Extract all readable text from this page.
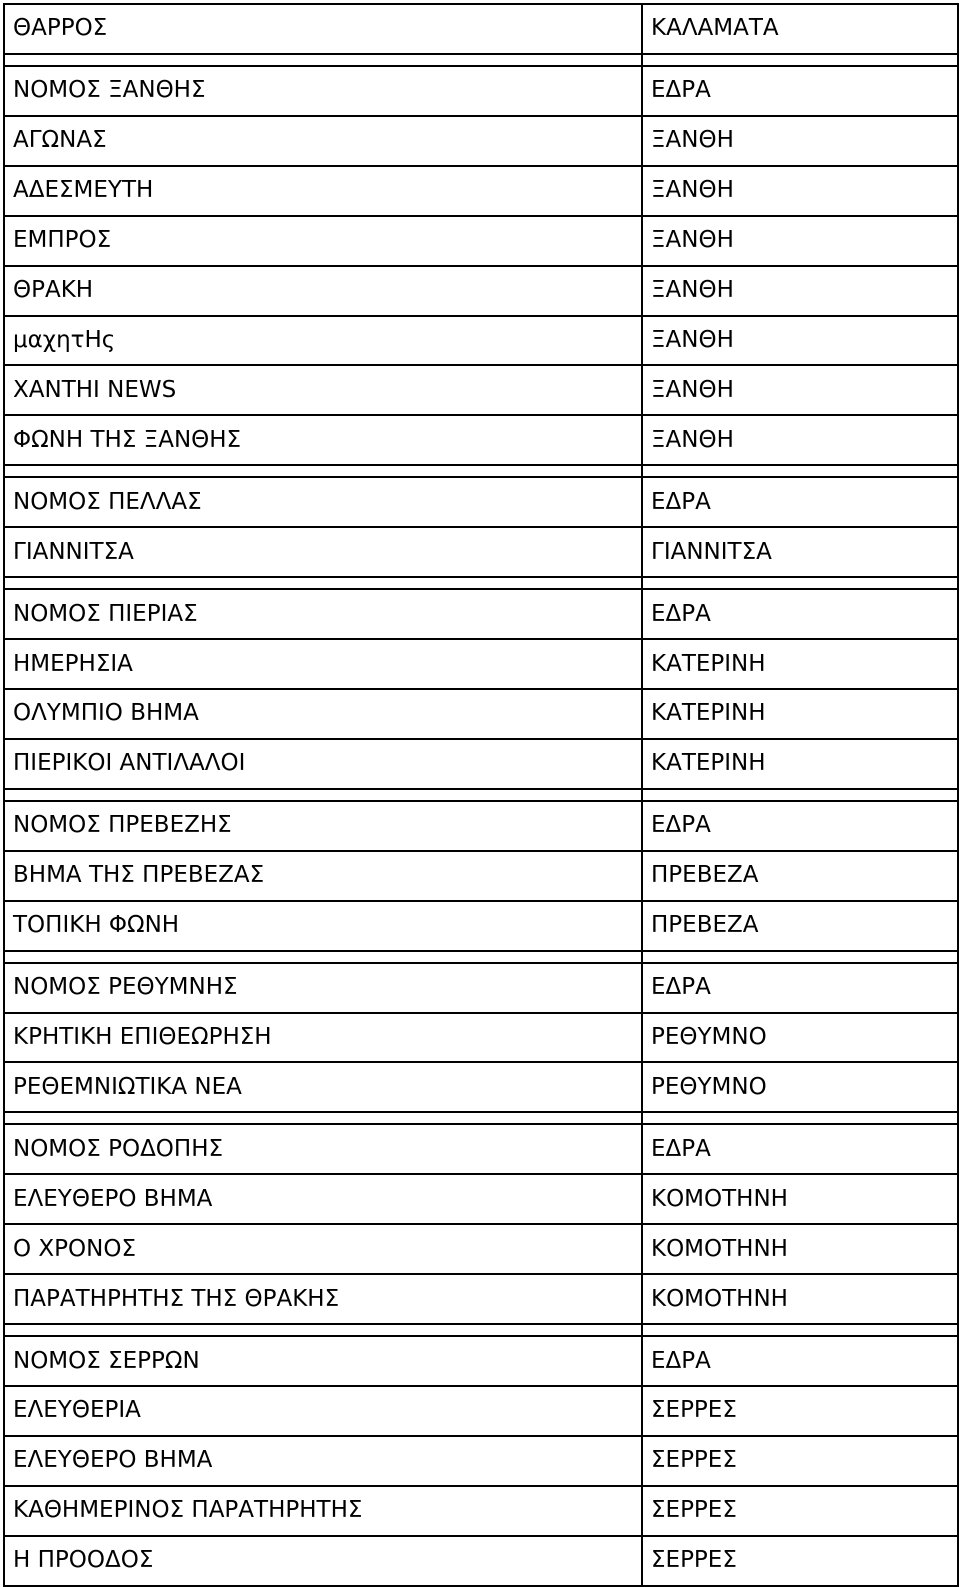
ΘΑΡΡΟΣ	ΚΑΛΑΜΑΤΑ

ΝΟΜΟΣ ΞΑΝΘΗΣ	ΕΔΡΑ
ΑΓΩΝΑΣ	ΞΑΝΘΗ
ΑΔΕΣΜΕΥΤΗ	ΞΑΝΘΗ
ΕΜΠΡΟΣ	ΞΑΝΘΗ
ΘΡΑΚΗ	ΞΑΝΘΗ
μαχητHς	ΞΑΝΘΗ
XANTHI NEWS	ΞΑΝΘΗ
ΦΩΝΗ ΤΗΣ ΞΑΝΘΗΣ	ΞΑΝΘΗ

ΝΟΜΟΣ ΠΕΛΛΑΣ	ΕΔΡΑ
ΓΙΑΝΝΙΤΣΑ	ΓΙΑΝΝΙΤΣΑ

ΝΟΜΟΣ ΠΙΕΡΙΑΣ	ΕΔΡΑ
ΗΜΕΡΗΣΙΑ	ΚΑΤΕΡΙΝΗ
ΟΛΥΜΠΙΟ ΒΗΜΑ	ΚΑΤΕΡΙΝΗ
ΠΙΕΡΙΚΟΙ ΑΝΤΙΛΑΛΟΙ	ΚΑΤΕΡΙΝΗ

ΝΟΜΟΣ ΠΡΕΒΕΖΗΣ	ΕΔΡΑ
ΒΗΜΑ ΤΗΣ ΠΡΕΒΕΖΑΣ	ΠΡΕΒΕΖΑ
ΤΟΠΙΚΗ ΦΩΝΗ	ΠΡΕΒΕΖΑ

ΝΟΜΟΣ ΡΕΘΥΜΝΗΣ	ΕΔΡΑ
ΚΡΗΤΙΚΗ ΕΠΙΘΕΩΡΗΣΗ	ΡΕΘΥΜΝΟ
ΡΕΘΕΜΝΙΩΤΙΚΑ ΝΕΑ	ΡΕΘΥΜΝΟ

ΝΟΜΟΣ ΡΟΔΟΠΗΣ	ΕΔΡΑ
ΕΛΕΥΘΕΡΟ ΒΗΜΑ	ΚΟΜΟΤΗΝΗ
Ο ΧΡΟΝΟΣ	ΚΟΜΟΤΗΝΗ
ΠΑΡΑΤΗΡΗΤΗΣ ΤΗΣ ΘΡΑΚΗΣ	ΚΟΜΟΤΗΝΗ

ΝΟΜΟΣ ΣΕΡΡΩΝ	ΕΔΡΑ
ΕΛΕΥΘΕΡΙΑ	ΣΕΡΡΕΣ
ΕΛΕΥΘΕΡΟ ΒΗΜΑ	ΣΕΡΡΕΣ
ΚΑΘΗΜΕΡΙΝΟΣ ΠΑΡΑΤΗΡΗΤΗΣ	ΣΕΡΡΕΣ
Η ΠΡΟΟΔΟΣ	ΣΕΡΡΕΣ
